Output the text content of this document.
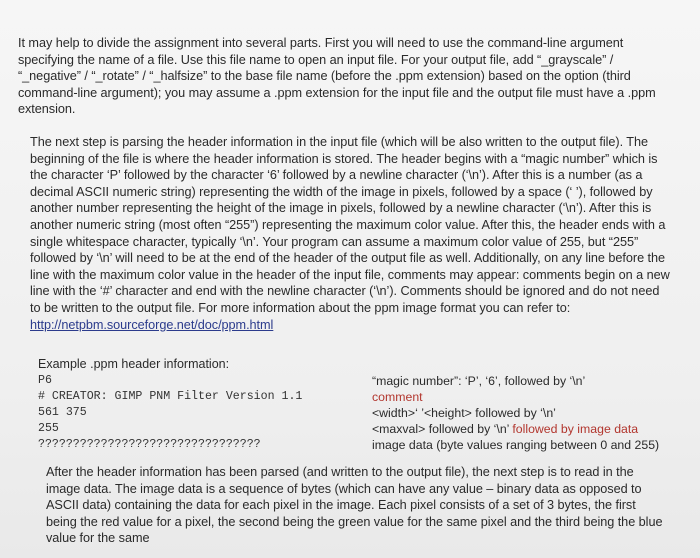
It may help to divide the assignment into several parts. First you will need to use the command-line argument specifying the name of a file. Use this file name to open an input file. For your output file, add “_grayscale” / “_negative” / “_rotate” / “_halfsize” to the base file name (before the .ppm extension) based on the option (third command-line argument); you may assume a .ppm extension for the input file and the output file must have a .ppm extension.
The next step is parsing the header information in the input file (which will be also written to the output file). The beginning of the file is where the header information is stored. The header begins with a “magic number” which is the character ‘P’ followed by the character ‘6’ followed by a newline character (‘\n’). After this is a number (as a decimal ASCII numeric string) representing the width of the image in pixels, followed by a space (‘ ’), followed by another number representing the height of the image in pixels, followed by a newline character (‘\n’). After this is another numeric string (most often “255”) representing the maximum color value. After this, the header ends with a single whitespace character, typically ‘\n’. Your program can assume a maximum color value of 255, but “255” followed by ‘\n’ will need to be at the end of the header of the output file as well. Additionally, on any line before the line with the maximum color value in the header of the input file, comments may appear: comments begin on a new line with the ‘#’ character and end with the newline character (‘\n’). Comments should be ignored and do not need to be written to the output file. For more information about the ppm image format you can refer to: http://netpbm.sourceforge.net/doc/ppm.html
Example .ppm header information:
P6	“magic number”: ‘P’, ‘6’, followed by ‘\n’
# CREATOR: GIMP PNM Filter Version 1.1	comment
561 375	<width>‘ ’<height> followed by ‘\n’
255	<maxval> followed by ‘\n’ followed by image data
????????????????????????????????	image data (byte values ranging between 0 and 255)
After the header information has been parsed (and written to the output file), the next step is to read in the image data. The image data is a sequence of bytes (which can have any value – binary data as opposed to ASCII data) containing the data for each pixel in the image. Each pixel consists of a set of 3 bytes, the first being the red value for a pixel, the second being the green value for the same pixel and the third being the blue value for the same
